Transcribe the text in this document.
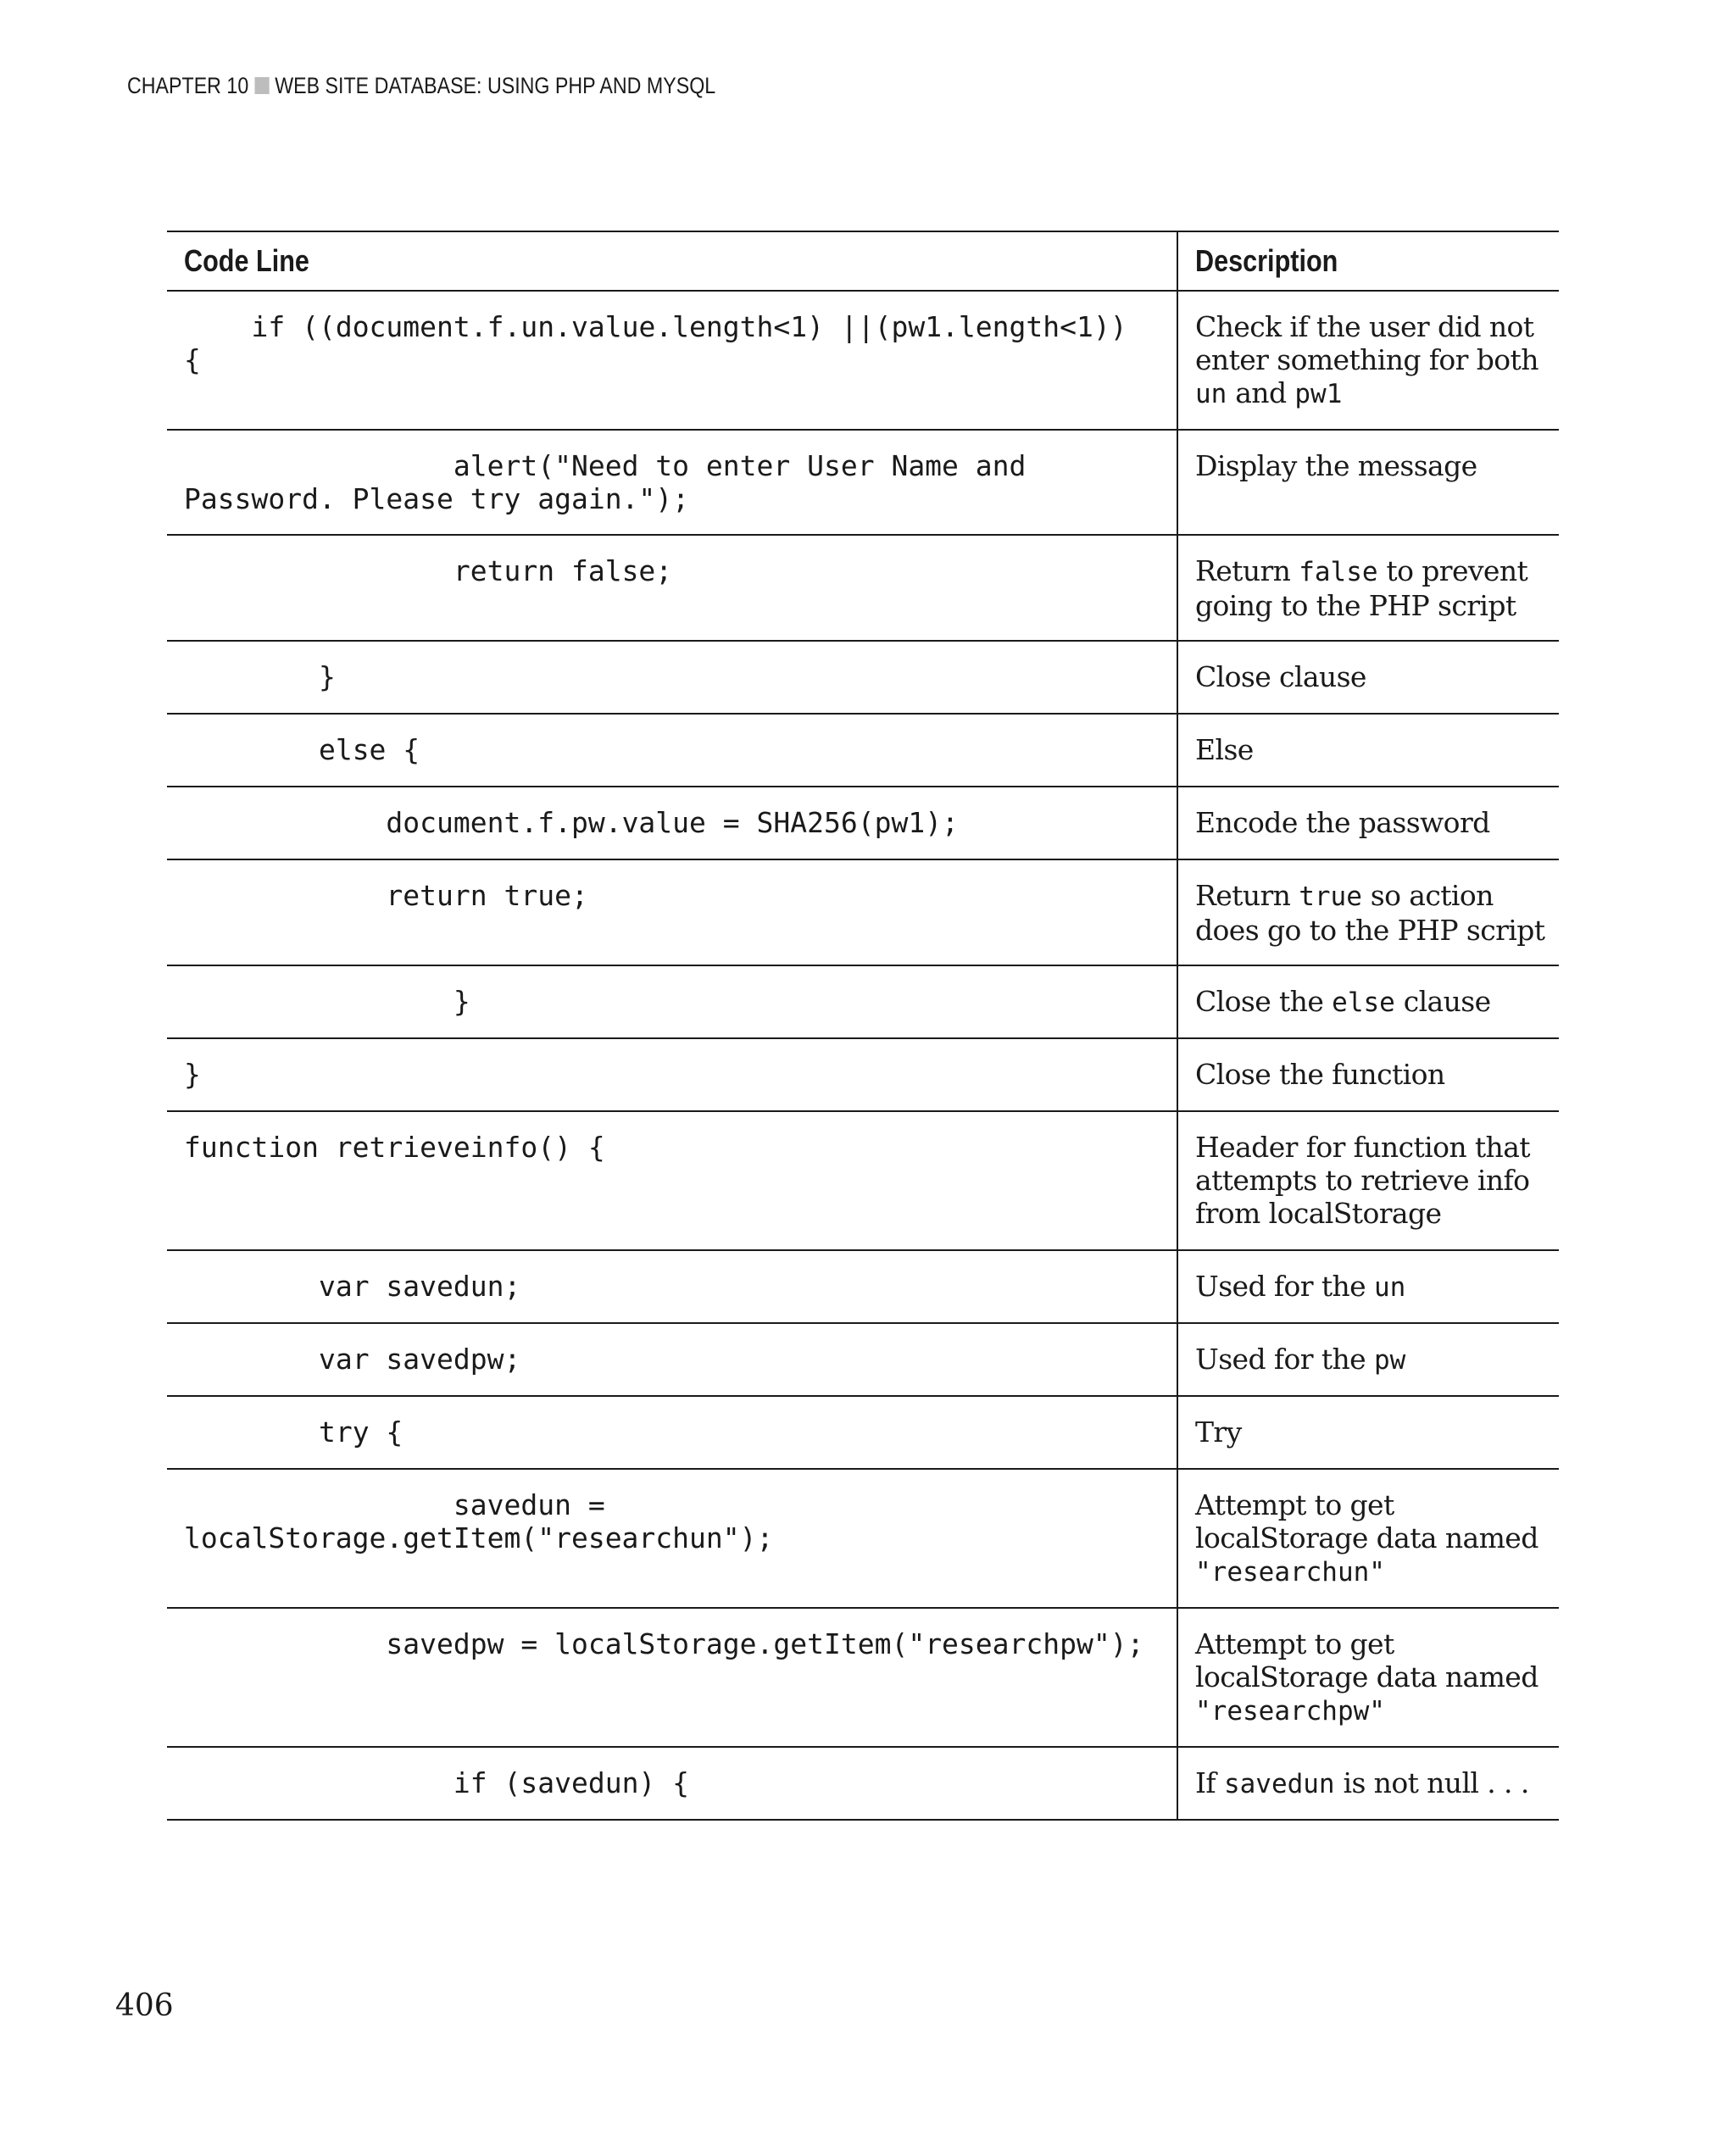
CHAPTER 10 WEB SITE DATABASE: USING PHP AND MYSQL
Code Line	Description

if ((document.f.un.value.length<1) ||(pw1.length<1)) {	Check if the user did not enter something for both un and pw1

alert("Need to enter User Name and Password. Please try again.");	Display the message

return false;	Return false to prevent going to the PHP script

}	Close clause

else {	Else

document.f.pw.value = SHA256(pw1);	Encode the password

return true;	Return true so action does go to the PHP script

}	Close the else clause

}	Close the function

function retrieveinfo() {	Header for function that attempts to retrieve info from localStorage

var savedun;	Used for the un

var savedpw;	Used for the pw

try {	Try

savedun = localStorage.getItem("researchun");	Attempt to get localStorage data named "researchun"

savedpw = localStorage.getItem("researchpw");	Attempt to get localStorage data named "researchpw"

if (savedun) {	If savedun is not null . . .
406
